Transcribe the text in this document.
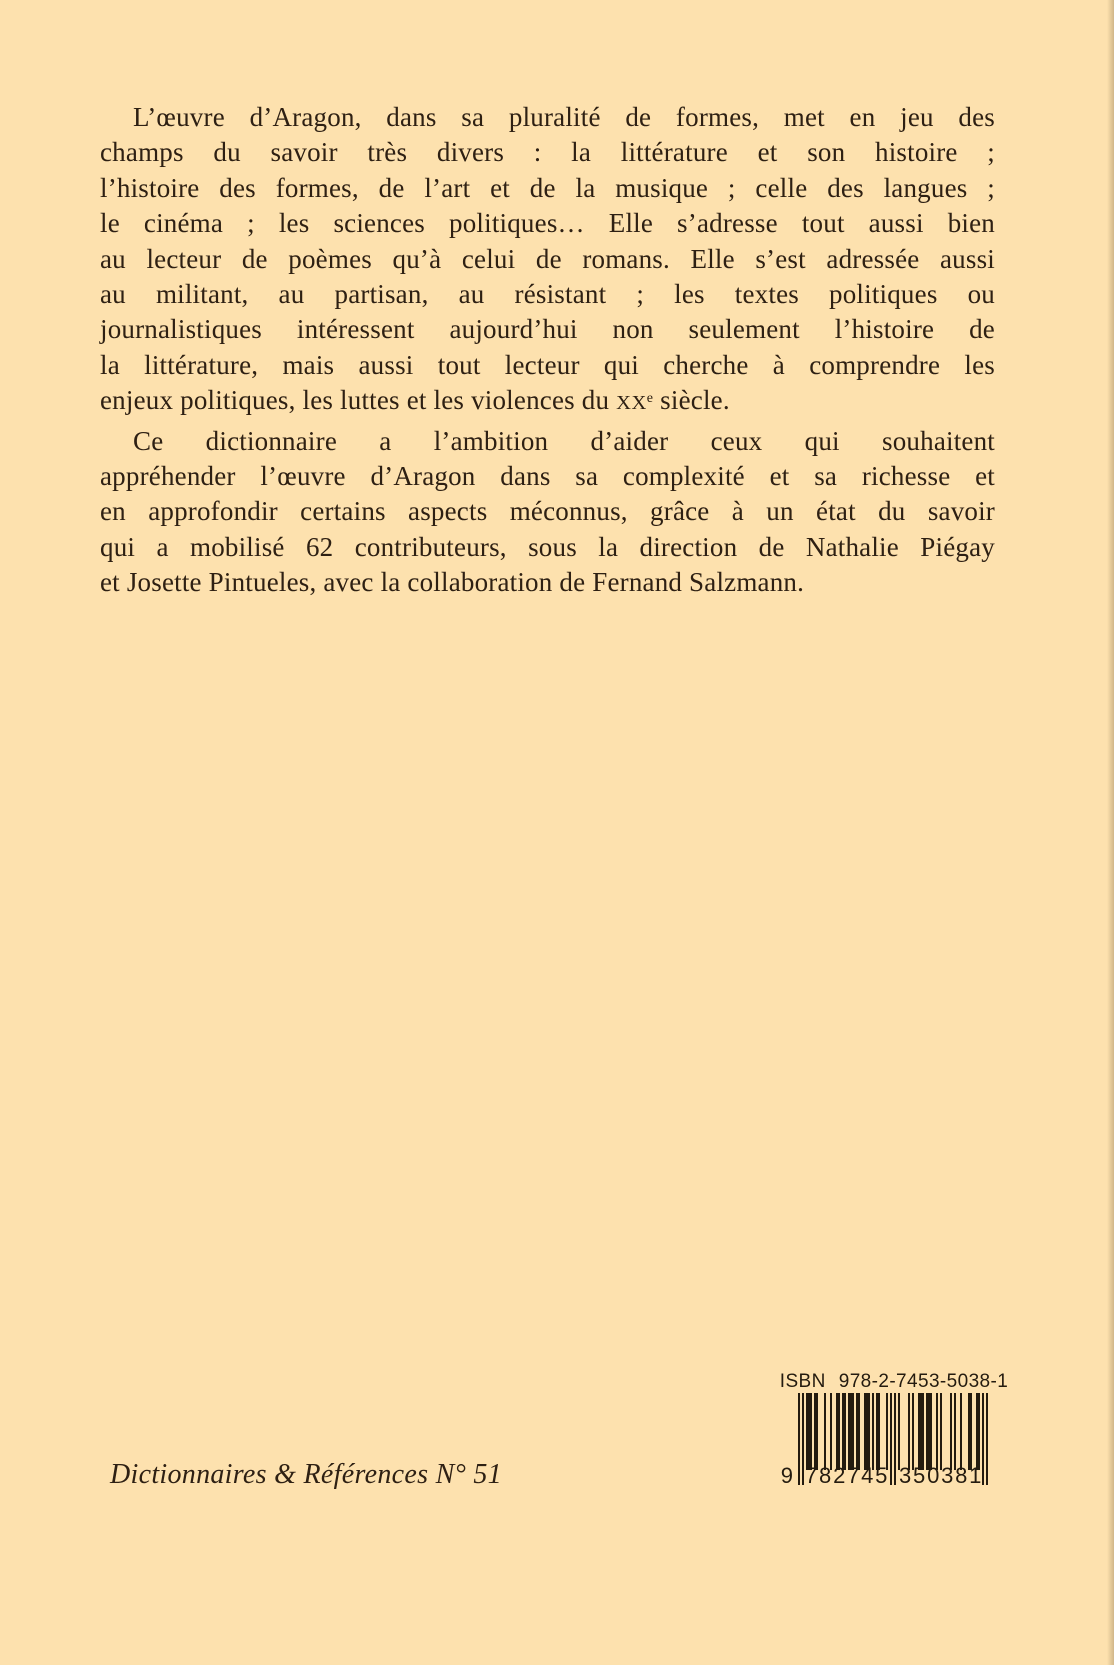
L’œuvre d’Aragon, dans sa pluralité de formes, met en jeu des
champs du savoir très divers : la littérature et son histoire ;
l’histoire des formes, de l’art et de la musique ; celle des langues ;
le cinéma ; les sciences politiques… Elle s’adresse tout aussi bien
au lecteur de poèmes qu’à celui de romans. Elle s’est adressée aussi
au militant, au partisan, au résistant ; les textes politiques ou
journalistiques intéressent aujourd’hui non seulement l’histoire de
la littérature, mais aussi tout lecteur qui cherche à comprendre les
enjeux politiques, les luttes et les violences du XXe siècle.
Ce dictionnaire a l’ambition d’aider ceux qui souhaitent
appréhender l’œuvre d’Aragon dans sa complexité et sa richesse et
en approfondir certains aspects méconnus, grâce à un état du savoir
qui a mobilisé 62 contributeurs, sous la direction de Nathalie Piégay
et Josette Pintueles, avec la collaboration de Fernand Salzmann.
Dictionnaires & Références N° 51
ISBN 978-2-7453-5038-1
9 782745 350381
